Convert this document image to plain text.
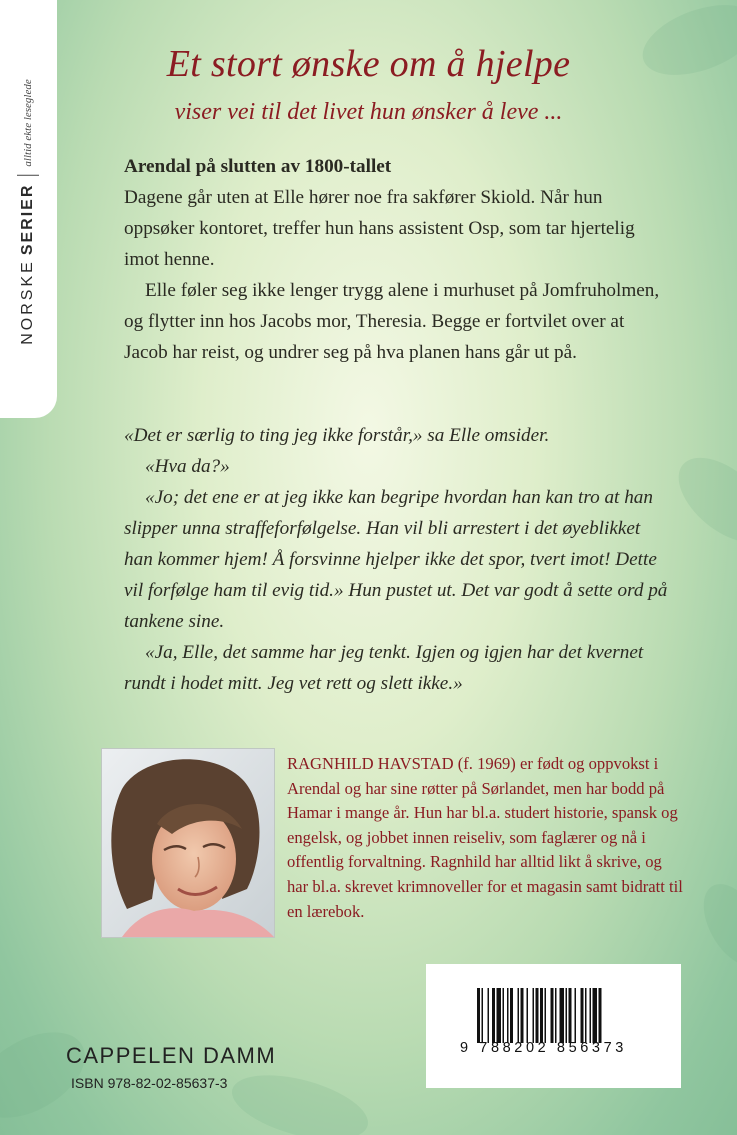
NORSKE
SERIER
alltid ekte leseglede
Et stort ønske om å hjelpe
viser vei til det livet hun ønsker å leve ...

Arendal på slutten av 1800-tallet

Dagene går uten at Elle hører noe fra sakfører Skiold. Når hun oppsøker kontoret, treffer hun hans assistent Osp, som tar hjertelig imot henne.

Elle føler seg ikke lenger trygg alene i murhuset på Jomfruholmen, og flytter inn hos Jacobs mor, Theresia. Begge er fortvilet over at Jacob har reist, og undrer seg på hva planen hans går ut på.

«Det er særlig to ting jeg ikke forstår,» sa Elle omsider.

«Hva da?»

«Jo; det ene er at jeg ikke kan begripe hvordan han kan tro at han slipper unna straffeforfølgelse. Han vil bli arrestert i det øyeblikket han kommer hjem! Å forsvinne hjelper ikke det spor, tvert imot! Dette vil forfølge ham til evig tid.» Hun pustet ut. Det var godt å sette ord på tankene sine.

«Ja, Elle, det samme har jeg tenkt. Igjen og igjen har det kvernet rundt i hodet mitt. Jeg vet rett og slett ikke.»

RAGNHILD HAVSTAD (f. 1969) er født og oppvokst i Arendal og har sine røtter på Sørlandet, men har bodd på Hamar i mange år. Hun har bl.a. studert historie, spansk og engelsk, og jobbet innen reiseliv, som faglærer og nå i offentlig forvaltning. Ragnhild har alltid likt å skrive, og har bl.a. skrevet krimnoveller for et magasin samt bidratt til en lærebok.
9 788202 856373
CAPPELEN DAMM
ISBN 978-82-02-85637-3
